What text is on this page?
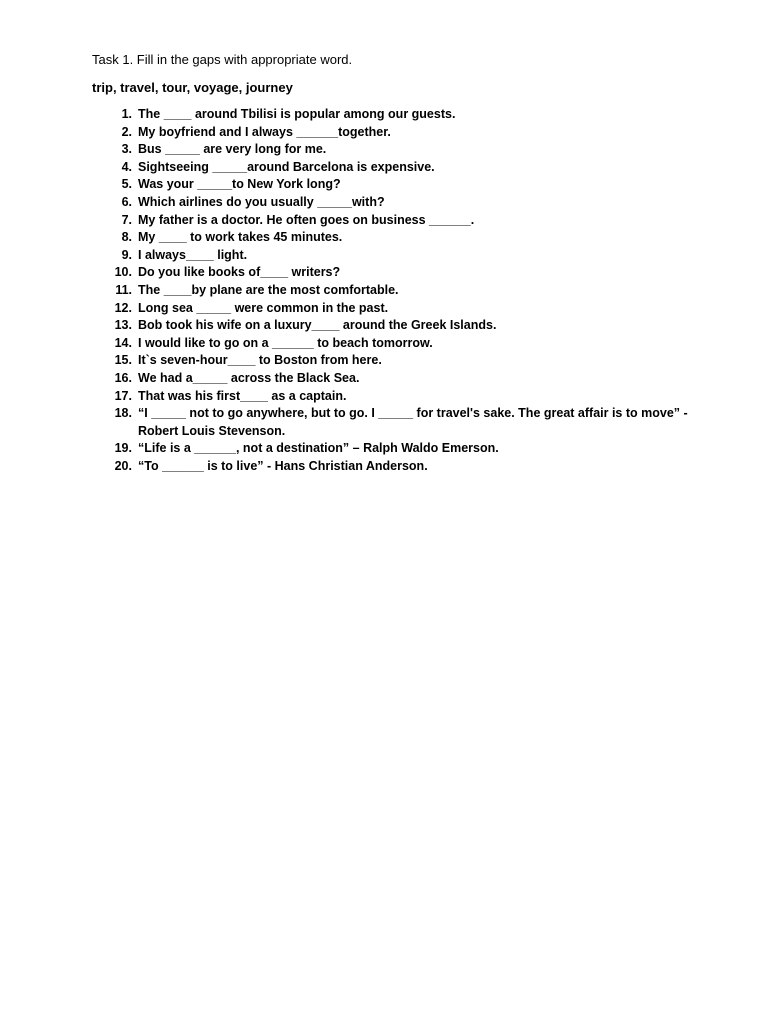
Task 1. Fill in the gaps with appropriate word.
trip, travel, tour, voyage, journey
1. The ____ around Tbilisi is popular among our guests.
2. My boyfriend and I always ______together.
3. Bus _____ are very long for me.
4. Sightseeing _____around Barcelona is expensive.
5. Was your _____to New York long?
6. Which airlines do you usually _____with?
7. My father is a doctor. He often goes on business ______.
8. My ____ to work takes 45 minutes.
9. I always____ light.
10. Do you like books of____ writers?
11. The ____by plane are the most comfortable.
12. Long sea _____ were common in the past.
13. Bob took his wife on a luxury____ around the Greek Islands.
14. I would like to go on a ______ to beach tomorrow.
15. It`s seven-hour____ to Boston from here.
16. We had a_____ across the Black Sea.
17. That was his first____ as a captain.
18. “I _____ not to go anywhere, but to go. I _____ for travel's sake. The great affair is to move” - Robert Louis Stevenson.
19. “Life is a ______, not a destination” – Ralph Waldo Emerson.
20. “To ______ is to live” - Hans Christian Anderson.
